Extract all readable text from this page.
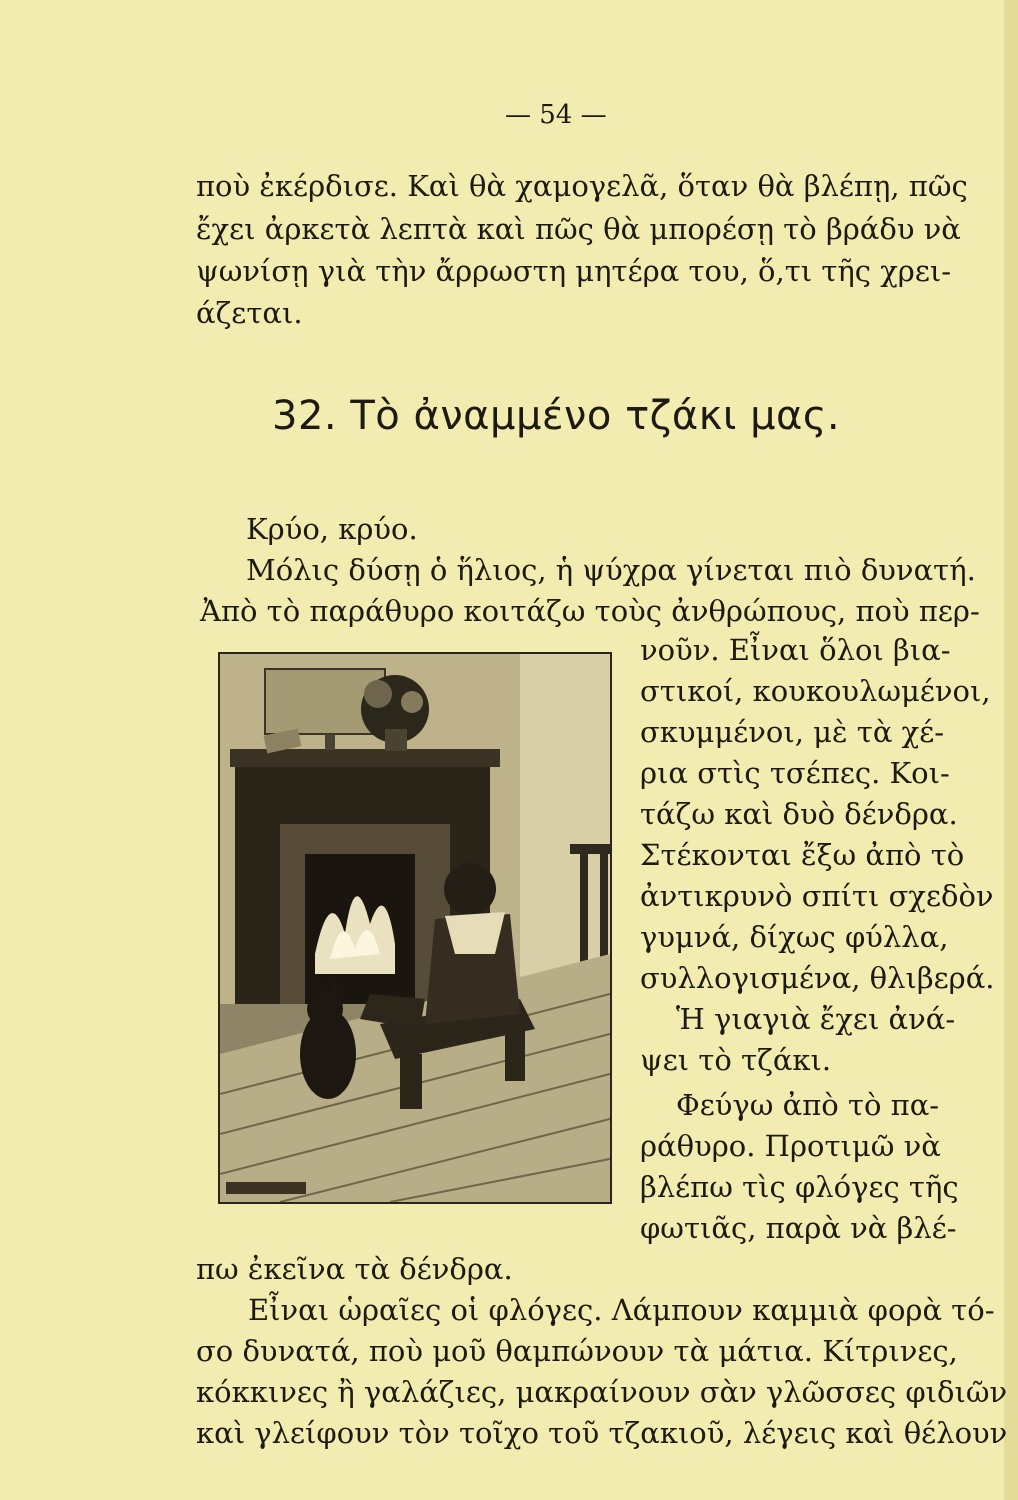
— 54 —
ποὺ ἐκέρδισε. Καὶ θὰ χαμογελᾶ, ὅταν θὰ βλέπῃ, πῶς
ἔχει ἀρκετὰ λεπτὰ καὶ πῶς θὰ μπορέσῃ τὸ βράδυ νὰ
ψωνίσῃ γιὰ τὴν ἄρρωστη μητέρα του, ὅ,τι τῆς χρει-
άζεται.
32. Τὸ ἀναμμένο τζάκι μας.
Κρύο, κρύο.
Μόλις δύσῃ ὁ ἥλιος, ἡ ψύχρα γίνεται πιὸ δυνατή.
Ἀπὸ τὸ παράθυρο κοιτάζω τοὺς ἀνθρώπους, ποὺ περ-
νοῦν. Εἶναι ὅλοι βια-
στικοί, κουκουλωμένοι,
σκυμμένοι, μὲ τὰ χέ-
ρια στὶς τσέπες. Κοι-
τάζω καὶ δυὸ δένδρα.
Στέκονται ἔξω ἀπὸ τὸ
ἀντικρυνὸ σπίτι σχεδὸν
γυμνά, δίχως φύλλα,
συλλογισμένα, θλιβερά.
Ἡ γιαγιὰ ἔχει ἀνά-
ψει τὸ τζάκι.
Φεύγω ἀπὸ τὸ πα-
ράθυρο. Προτιμῶ νὰ
βλέπω τὶς φλόγες τῆς
φωτιᾶς, παρὰ νὰ βλέ-
πω ἐκεῖνα τὰ δένδρα.
Εἶναι ὡραῖες οἱ φλόγες. Λάμπουν καμμιὰ φορὰ τό-
σο δυνατά, ποὺ μοῦ θαμπώνουν τὰ μάτια. Κίτρινες,
κόκκινες ἢ γαλάζιες, μακραίνουν σὰν γλῶσσες φιδιῶν
καὶ γλείφουν τὸν τοῖχο τοῦ τζακιοῦ, λέγεις καὶ θέλουν
